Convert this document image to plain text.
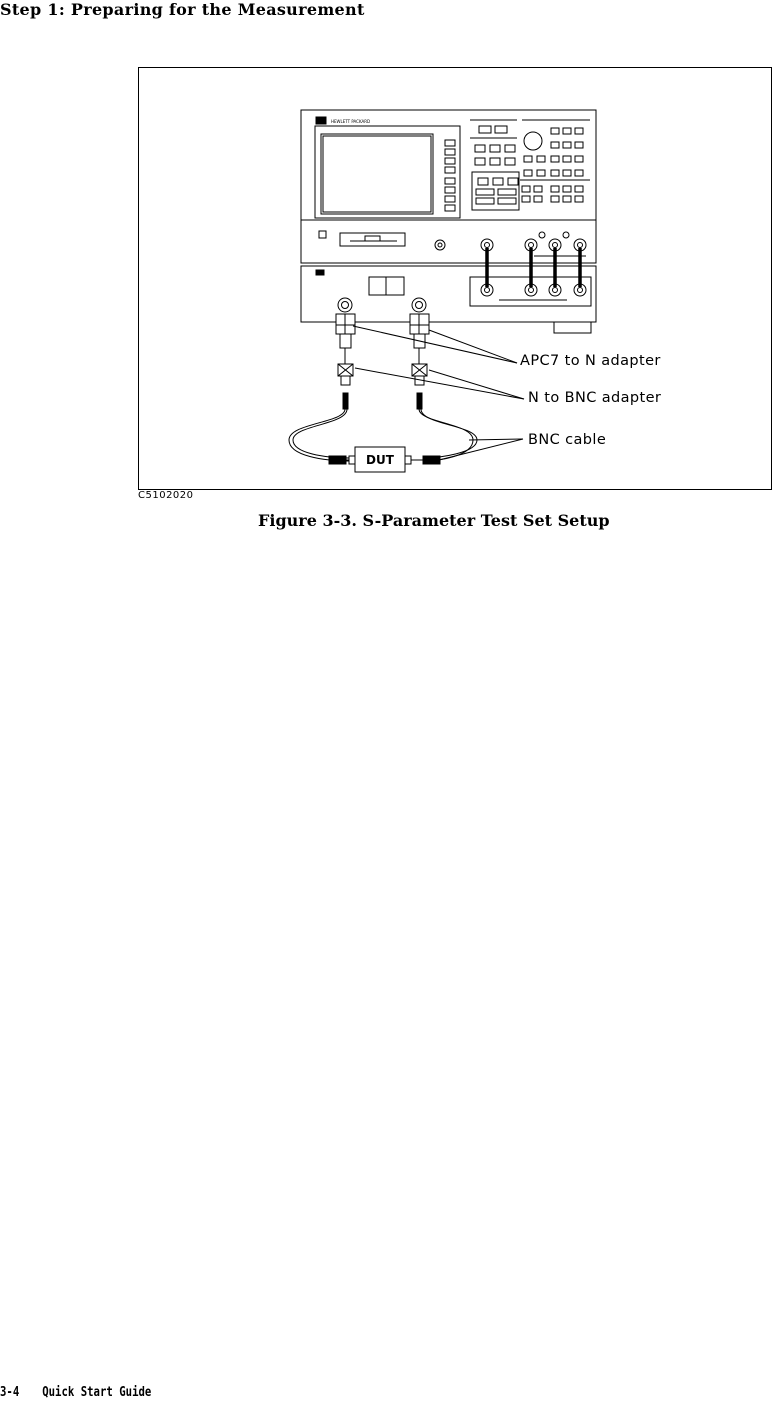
Step 1: Preparing for the Measurement
HEWLETT PACKARD
DUT
APC7 to N adapter
N to BNC adapter
BNC cable
C5102020
Figure 3-3. S-Parameter Test Set Setup
3-4 Quick Start Guide
